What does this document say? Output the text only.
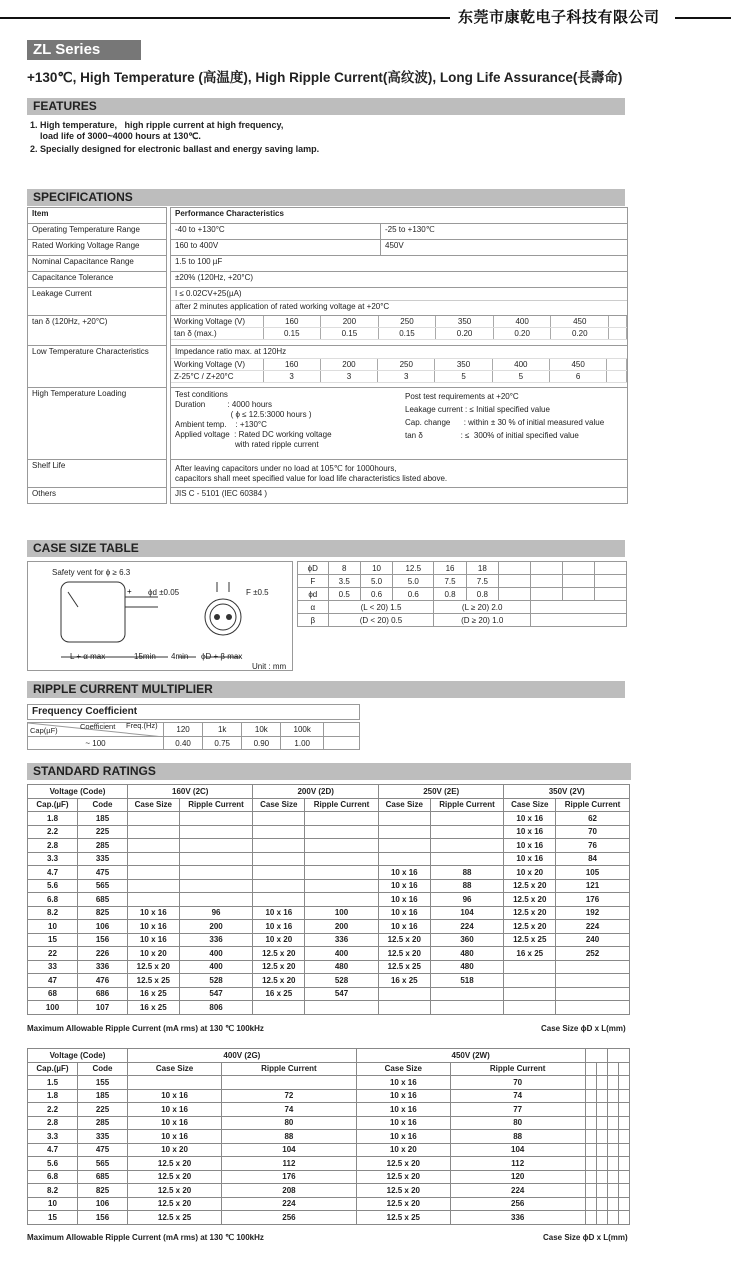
东莞市康乾电子科技有限公司
ZL Series
+130℃, High Temperature (高温度), High Ripple Current(高纹波), Long Life Assurance(長壽命)
FEATURES
1. High temperature,   high ripple current at high frequency,
load life of 3000~4000 hours at 130℃.
2. Specially designed for electronic ballast and energy saving lamp.
SPECIFICATIONS
Item		Performance Characteristics
Operating Temperature Range		-40 to +130°C	-25 to +130℃
Rated Working Voltage Range		160 to 400V	450V
Nominal Capacitance Range		1.5 to 100 µF
Capacitance Tolerance		±20% (120Hz, +20°C)
Leakage Current		I ≤ 0.02CV+25(µA)
after 2 minutes application of rated working voltage at +20°C

tan δ (120Hz, +20°C)			Working Voltage (V)	160	200	250	350	400	450	
tan δ (max.)	0.15	0.15	0.15	0.20	0.20	0.20	

Low Temperature Characteristics		Impedance ratio max. at 120Hz
Working Voltage (V)	160	200	250	350	400	450	
Z-25°C / Z+20°C	3	3	3	5	5	6	

High Temperature Loading		Test conditions
Duration          : 4000 hours
( ϕ ≤ 12.5:3000 hours )
Ambient temp.    : +130°C
Applied voltage  : Rated DC working voltage
with rated ripple current
Post test requirements at +20°C
Leakage current : ≤ Initial specified value
Cap. change      : within ± 30 % of initial measured value
tan δ                 : ≤  300% of initial specified value

Shelf Life		After leaving capacitors under no load at 105℃ for 1000hours,
capacitors shall meet specified value for load life characteristics listed above.
Others		JIS C - 5101 (IEC 60384 )
CASE SIZE TABLE
+
Safety vent for ϕ ≥ 6.3
ϕd ±0.05	F ±0.5
L + α max	15min 4min ϕD + β max
Unit : mm
ϕD	8	10	12.5	16	18				
F	3.5	5.0	5.0	7.5	7.5				
ϕd	0.5	0.6	0.6	0.8	0.8				
α	(L < 20) 1.5			(L ≥ 20) 2.0					
β	(D < 20) 0.5			(D ≥ 20) 1.0					
RIPPLE CURRENT MULTIPLIER
Frequency Coefficient
Cap(µF) Coefficient Freq.(Hz)	120	1k	10k	100k	
~ 100	0.40	0.75	0.90	1.00	
STANDARD RATINGS
Voltage (Code)		160V (2C)		200V (2D)		250V (2E)		350V (2V)	
Cap.(µF)	Code	Case Size	Ripple Current	Case Size	Ripple Current	Case Size	Ripple Current	Case Size	Ripple Current
1.8	185							10 x 16	62
2.2	225							10 x 16	70
2.8	285							10 x 16	76
3.3	335							10 x 16	84
4.7	475					10 x 16	88	10 x 20	105
5.6	565					10 x 16	88	12.5 x 20	121
6.8	685					10 x 16	96	12.5 x 20	176
8.2	825	10 x 16	96	10 x 16	100	10 x 16	104	12.5 x 20	192
10	106	10 x 16	200	10 x 16	200	10 x 16	224	12.5 x 20	224
15	156	10 x 16	336	10 x 20	336	12.5 x 20	360	12.5 x 25	240
22	226	10 x 20	400	12.5 x 20	400	12.5 x 20	480	16 x 25	252
33	336	12.5 x 20	400	12.5 x 20	480	12.5 x 25	480		
47	476	12.5 x 25	528	12.5 x 20	528	16 x 25	518		
68	686	16 x 25	547	16 x 25	547				
100	107	16 x 25	806						
Maximum Allowable Ripple Current (mA rms) at 130 ℃ 100kHz	Case Size ϕD x L(mm)
Voltage (Code)		400V (2G)		450V (2W)					
Cap.(µF)	Code	Case Size	Ripple Current	Case Size	Ripple Current				
1.5	155			10 x 16	70				
1.8	185	10 x 16	72	10 x 16	74				
2.2	225	10 x 16	74	10 x 16	77				
2.8	285	10 x 16	80	10 x 16	80				
3.3	335	10 x 16	88	10 x 16	88				
4.7	475	10 x 20	104	10 x 20	104				
5.6	565	12.5 x 20	112	12.5 x 20	112				
6.8	685	12.5 x 20	176	12.5 x 20	120				
8.2	825	12.5 x 20	208	12.5 x 20	224				
10	106	12.5 x 20	224	12.5 x 20	256				
15	156	12.5 x 25	256	12.5 x 25	336				
Maximum Allowable Ripple Current (mA rms) at 130 ℃ 100kHz	Case Size ϕD x L(mm)
